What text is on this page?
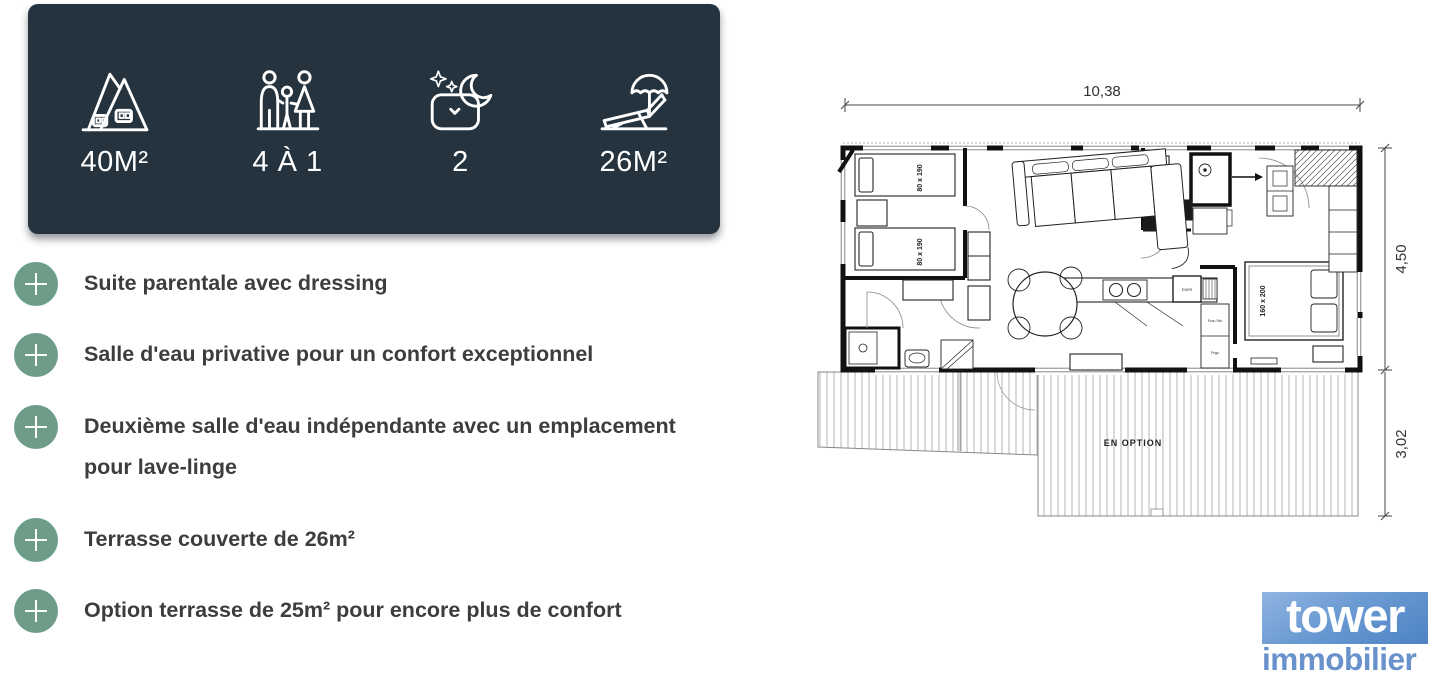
40M²	4 À 1	2	26M²
Suite parentale avec dressing
Salle d'eau privative pour un confort exceptionnel
Deuxième salle d'eau indépendante avec un emplacement pour lave-linge
Terrasse couverte de 26m²
Option terrasse de 25m² pour encore plus de confort
10,38
4,50
3,02
EN OPTION
80 x 190
80 x 190
160 x 200
EVIER
Four / Mo
Frigo
tower
immobilier
